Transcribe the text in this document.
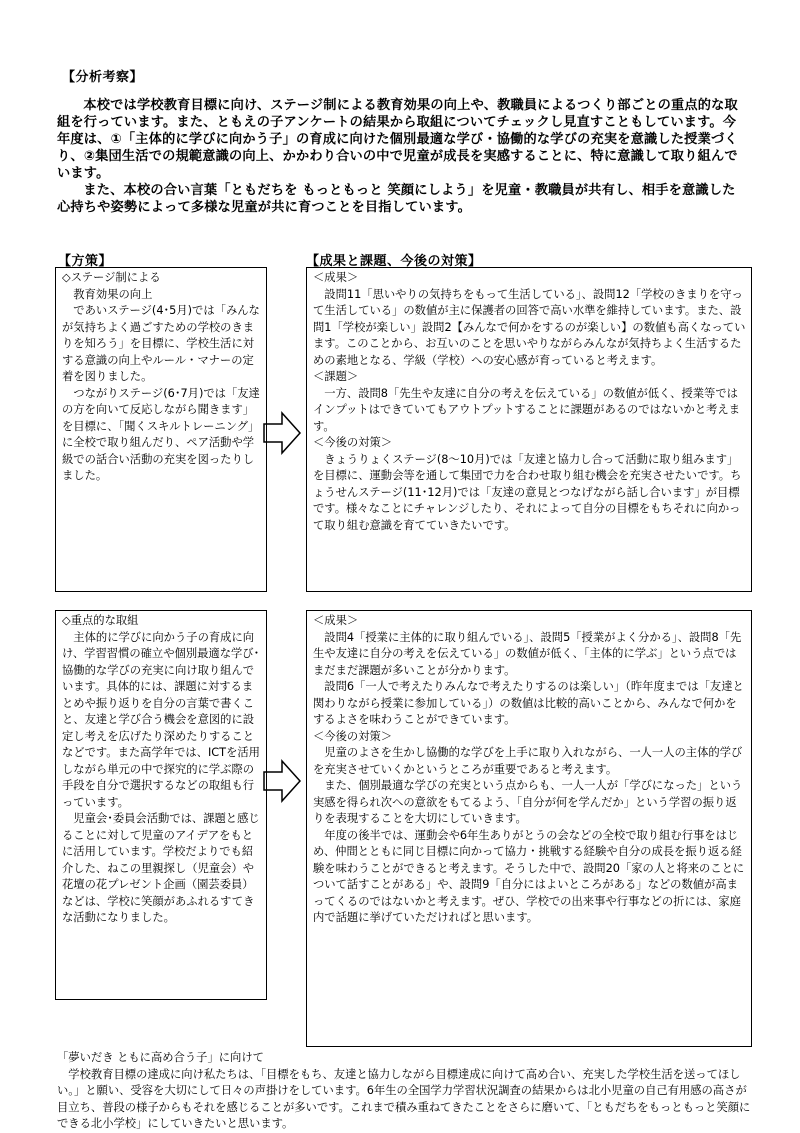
【分析考察】

本校では学校教育目標に向け、ステージ制による教育効果の向上や、教職員によるつくり部ごとの重点的な取組を行っています。また、ともえの子アンケートの結果から取組についてチェックし見直すこともしています。今年度は、①「主体的に学びに向かう子」の育成に向けた個別最適な学び・協働的な学びの充実を意識した授業づくり、②集団生活での規範意識の向上、かかわり合いの中で児童が成長を実感することに、特に意識して取り組んでいます。

また、本校の合い言葉「ともだちを もっともっと 笑顔にしよう」を児童・教職員が共有し、相手を意識した心持ちや姿勢によって多様な児童が共に育つことを目指しています。

【方策】	【成果と課題、今後の対策】

◇ステージ制による

教育効果の向上

であいステージ(4･5月)では「みんなが気持ちよく過ごすための学校のきまりを知ろう」を目標に、学校生活に対する意識の向上やルール・マナーの定着を図りました。

つながりステージ(6･7月)では「友達の方を向いて反応しながら聞きます」を目標に、「聞くスキルトレーニング」に全校で取り組んだり、ペア活動や学級での話合い活動の充実を図ったりしました。

＜成果＞

設問11「思いやりの気持ちをもって生活している」、設問12「学校のきまりを守って生活している」の数値が主に保護者の回答で高い水準を維持しています。また、設問1「学校が楽しい」設問2【みんなで何かをするのが楽しい】の数値も高くなっています。このことから、お互いのことを思いやりながらみんなが気持ちよく生活するための素地となる、学級（学校）への安心感が育っていると考えます。

＜課題＞

一方、設問8「先生や友達に自分の考えを伝えている」の数値が低く、授業等ではインプットはできていてもアウトプットすることに課題があるのではないかと考えます。

＜今後の対策＞

きょうりょくステージ(8～10月)では「友達と協力し合って活動に取り組みます」を目標に、運動会等を通して集団で力を合わせ取り組む機会を充実させたいです。ちょうせんステージ(11･12月)では「友達の意見とつなげながら話し合います」が目標です。様々なことにチャレンジしたり、それによって自分の目標をもちそれに向かって取り組む意識を育てていきたいです。

◇重点的な取組

主体的に学びに向かう子の育成に向け、学習習慣の確立や個別最適な学び･協働的な学びの充実に向け取り組んでいます。具体的には、課題に対するまとめや振り返りを自分の言葉で書くこと、友達と学び合う機会を意図的に設定し考えを広げたり深めたりすることなどです。また高学年では、ICTを活用しながら単元の中で探究的に学ぶ際の手段を自分で選択するなどの取組も行っています。

児童会･委員会活動では、課題と感じることに対して児童のアイデアをもとに活用しています。学校だよりでも紹介した、ねこの里親探し（児童会）や花壇の花プレゼント企画（園芸委員）などは、学校に笑顔があふれるすてきな活動になりました。

＜成果＞

設問4「授業に主体的に取り組んでいる」、設問5「授業がよく分かる」、設問8「先生や友達に自分の考えを伝えている」の数値が低く、「主体的に学ぶ」という点ではまだまだ課題が多いことが分かります。

設問6「一人で考えたりみんなで考えたりするのは楽しい」（昨年度までは「友達と関わりながら授業に参加している」）の数値は比較的高いことから、みんなで何かをするよさを味わうことができています。

＜今後の対策＞

児童のよさを生かし協働的な学びを上手に取り入れながら、一人一人の主体的学びを充実させていくかというところが重要であると考えます。

また、個別最適な学びの充実という点からも、一人一人が「学びになった」という実感を得られ次への意欲をもてるよう、「自分が何を学んだか」という学習の振り返りを表現することを大切にしていきます。

年度の後半では、運動会や6年生ありがとうの会などの全校で取り組む行事をはじめ、仲間とともに同じ目標に向かって協力・挑戦する経験や自分の成長を振り返る経験を味わうことができると考えます。そうした中で、設問20「家の人と将来のことについて話すことがある」や、設問9「自分にはよいところがある」などの数値が高まってくるのではないかと考えます。ぜひ、学校での出来事や行事などの折には、家庭内で話題に挙げていただければと思います。

「夢いだき ともに高め合う子」に向けて

学校教育目標の達成に向け私たちは、「目標をもち、友達と協力しながら目標達成に向けて高め合い、充実した学校生活を送ってほしい。」と願い、受容を大切にして日々の声掛けをしています。6年生の全国学力学習状況調査の結果からは北小児童の自己有用感の高さが目立ち、普段の様子からもそれを感じることが多いです。これまで積み重ねてきたことをさらに磨いて、「ともだちをもっともっと笑顔にできる北小学校」にしていきたいと思います。
